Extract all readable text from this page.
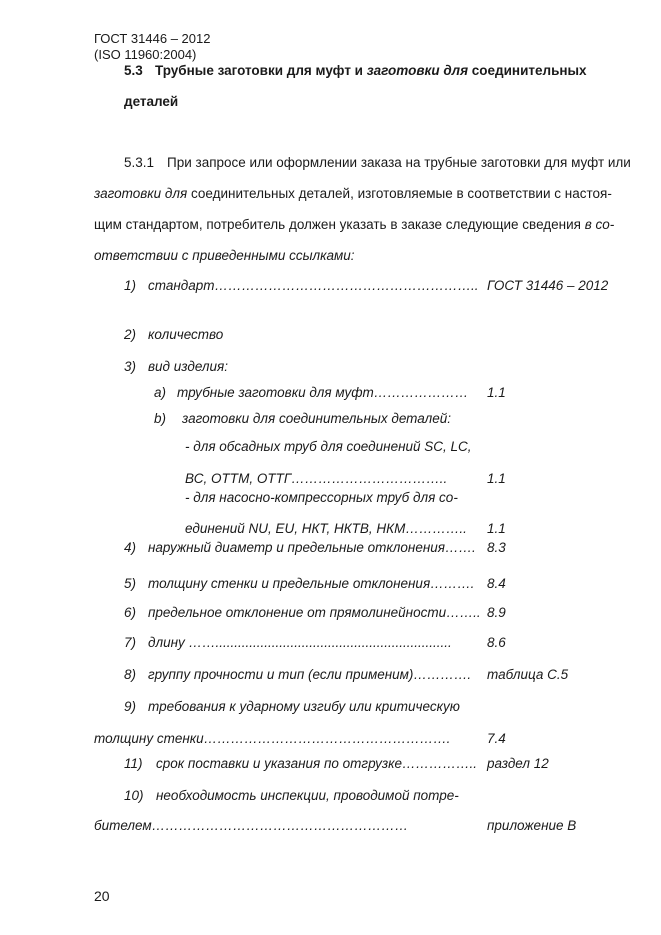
ГОСТ 31446 – 2012
(ISO 11960:2004)
5.3 Трубные заготовки для муфт и заготовки для соединительных
деталей
5.3.1 При запросе или оформлении заказа на трубные заготовки для муфт или
заготовки для соединительных деталей, изготовляемые в соответствии с настоя-
щим стандартом, потребитель должен указать в заказе следующие сведения в со-
ответствии с приведенными ссылками:
1) стандарт………………………………………………….. ГОСТ 31446 – 2012
2) количество
3) вид изделия:
а) трубные заготовки для муфт………………… 1.1
b) заготовки для соединительных деталей:
- для обсадных труб для соединений SC, LC,
ВС, ОТТМ, ОТТГ……………………………..	1.1
- для насосно-компрессорных труб для со-
единений NU, EU, НКТ, НКТВ, НКМ………….. 1.1
4) наружный диаметр и предельные отклонения……. 8.3
5) толщину стенки и предельные отклонения………. 8.4
6) предельное отклонение от прямолинейности…….. 8.9
7) длину ……...............................................................	8.6
8) группу прочности и тип (если применим)…………. таблица С.5
9) требования к ударному изгибу или критическую
толщину стенки……………………………………………….	7.4
11) срок поставки и указания по отгрузке…………….. раздел 12
10) необходимость инспекции, проводимой потре-
бителем…………………………………………………	приложение В
20
